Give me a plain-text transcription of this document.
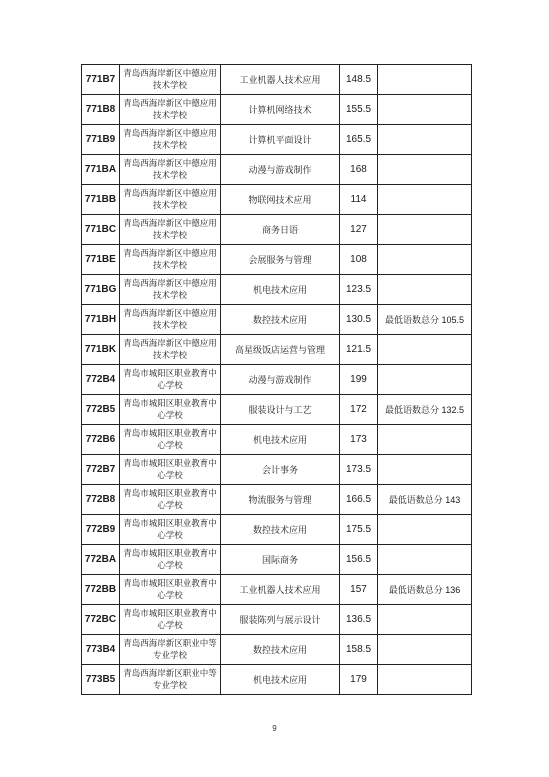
771B7	青岛西海岸新区中德应用技术学校	工业机器人技术应用	148.5	
771B8	青岛西海岸新区中德应用技术学校	计算机网络技术	155.5	
771B9	青岛西海岸新区中德应用技术学校	计算机平面设计	165.5	
771BA	青岛西海岸新区中德应用技术学校	动漫与游戏制作	168	
771BB	青岛西海岸新区中德应用技术学校	物联网技术应用	114	
771BC	青岛西海岸新区中德应用技术学校	商务日语	127	
771BE	青岛西海岸新区中德应用技术学校	会展服务与管理	108	
771BG	青岛西海岸新区中德应用技术学校	机电技术应用	123.5	
771BH	青岛西海岸新区中德应用技术学校	数控技术应用	130.5	最低语数总分 105.5
771BK	青岛西海岸新区中德应用技术学校	高星级饭店运营与管理	121.5	
772B4	青岛市城阳区职业教育中心学校	动漫与游戏制作	199	
772B5	青岛市城阳区职业教育中心学校	服装设计与工艺	172	最低语数总分 132.5
772B6	青岛市城阳区职业教育中心学校	机电技术应用	173	
772B7	青岛市城阳区职业教育中心学校	会计事务	173.5	
772B8	青岛市城阳区职业教育中心学校	物流服务与管理	166.5	最低语数总分 143
772B9	青岛市城阳区职业教育中心学校	数控技术应用	175.5	
772BA	青岛市城阳区职业教育中心学校	国际商务	156.5	
772BB	青岛市城阳区职业教育中心学校	工业机器人技术应用	157	最低语数总分 136
772BC	青岛市城阳区职业教育中心学校	服装陈列与展示设计	136.5	
773B4	青岛西海岸新区职业中等专业学校	数控技术应用	158.5	
773B5	青岛西海岸新区职业中等专业学校	机电技术应用	179	
9
